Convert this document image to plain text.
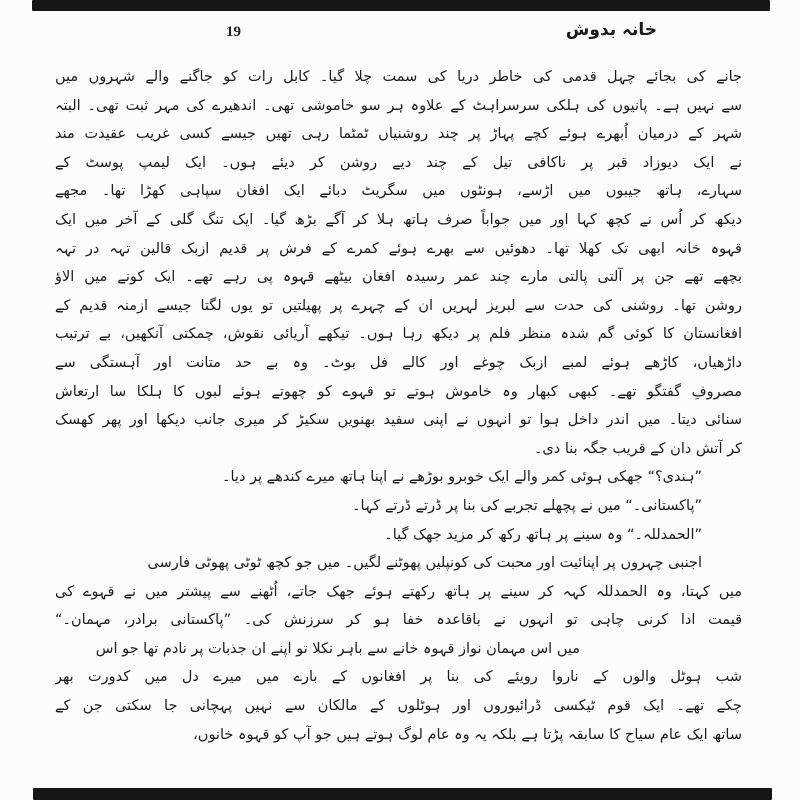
خانہ بدوش
19
جانے کی بجائے چہل قدمی کی خاطر دریا کی سمت چلا گیا۔ کابل رات کو جاگنے والے شہروں میں
سے نہیں ہے۔ پانیوں کی ہلکی سرسراہٹ کے علاوہ ہر سو خاموشی تھی۔ اندھیرے کی مہر ثبت تھی۔ البتہ
شہر کے درمیان اُبھرے ہوئے کچے پہاڑ پر چند روشنیاں ٹمٹما رہی تھیں جیسے کسی غریب عقیدت مند
نے ایک دیوزاد قبر پر ناکافی تیل کے چند دیے روشن کر دیئے ہوں۔ ایک لیمپ پوسٹ کے
سہارے، ہاتھ جیبوں میں اڑسے، ہونٹوں میں سگریٹ دبائے ایک افغان سپاہی کھڑا تھا۔ مجھے
دیکھ کر اُس نے کچھ کہا اور میں جواباً صرف ہاتھ ہلا کر آگے بڑھ گیا۔ ایک تنگ گلی کے آخر میں ایک
قہوہ خانہ ابھی تک کھلا تھا۔ دھوئیں سے بھرے ہوئے کمرے کے فرش پر قدیم ازبک قالین تہہ در تہہ
بچھے تھے جن پر آلتی پالتی مارے چند عمر رسیدہ افغان بیٹھے قہوہ پی رہے تھے۔ ایک کونے میں الاؤ
روشن تھا۔ روشنی کی حدت سے لبریز لہریں ان کے چہرے پر پھیلتیں تو یوں لگتا جیسے ازمنہ قدیم کے
افغانستان کا کوئی گم شدہ منظر فلم پر دیکھ رہا ہوں۔ تیکھے آریائی نقوش، چمکتی آنکھیں، بے ترتیب
داڑھیاں، کاڑھے ہوئے لمبے ازبک چوغے اور کالے فل بوٹ۔ وہ بے حد متانت اور آہستگی سے
مصروفِ گفتگو تھے۔ کبھی کبھار وہ خاموش ہوتے تو قہوے کو چھوتے ہوئے لبوں کا ہلکا سا ارتعاش
سنائی دیتا۔ میں اندر داخل ہوا تو انہوں نے اپنی سفید بھنویں سکیڑ کر میری جانب دیکھا اور پھر کھسک
کر آتش دان کے قریب جگہ بنا دی۔
”ہندی؟“ جھکی ہوئی کمر والے ایک خوبرو بوڑھے نے اپنا ہاتھ میرے کندھے پر دیا۔
”پاکستانی۔“ میں نے پچھلے تجربے کی بنا پر ڈرتے ڈرتے کہا۔
”الحمدللہ۔“ وہ سینے پر ہاتھ رکھ کر مزید جھک گیا۔
اجنبی چہروں پر اپنائیت اور محبت کی کونپلیں پھوٹنے لگیں۔ میں جو کچھ ٹوٹی پھوٹی فارسی
میں کہتا، وہ الحمدللہ کہہ کر سینے پر ہاتھ رکھتے ہوئے جھک جاتے، اُٹھنے سے پیشتر میں نے قہوے کی
قیمت ادا کرنی چاہی تو انہوں نے باقاعدہ خفا ہو کر سرزنش کی۔ ”پاکستانی برادر، مہمان۔“
میں اس مہمان نواز قہوہ خانے سے باہر نکلا تو اپنے ان جذبات پر نادم تھا جو اس
شب ہوٹل والوں کے ناروا رویئے کی بنا پر افغانوں کے بارے میں میرے دل میں کدورت بھر
چکے تھے۔ ایک قوم ٹیکسی ڈرائیوروں اور ہوٹلوں کے مالکان سے نہیں پہچانی جا سکتی جن کے
ساتھ ایک عام سیاح کا سابقہ پڑتا ہے بلکہ یہ وہ عام لوگ ہوتے ہیں جو آپ کو قہوہ خانوں،
